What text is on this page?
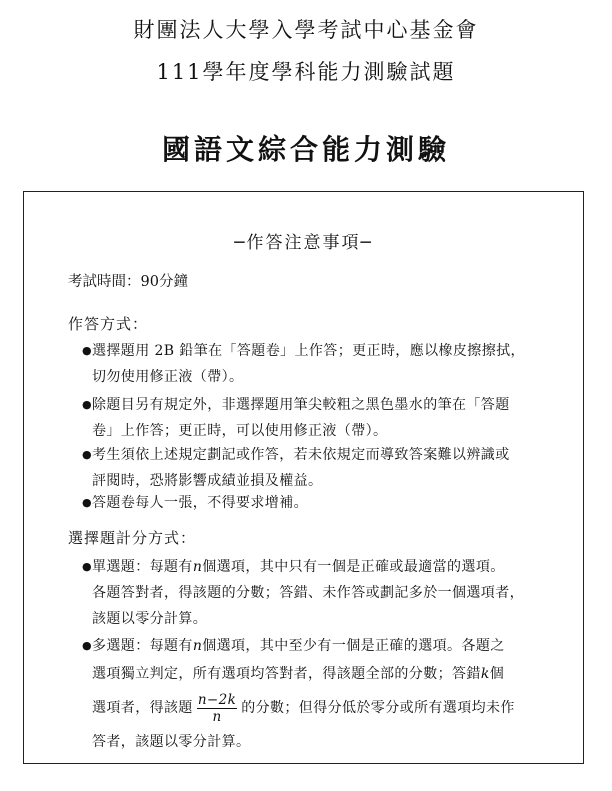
財團法人大學入學考試中心基金會
111學年度學科能力測驗試題
國語文綜合能力測驗
─作答注意事項─
考試時間：90分鐘
作答方式：
● 選擇題用 2B 鉛筆在「答題卷」上作答；更正時，應以橡皮擦擦拭，
切勿使用修正液（帶）。
● 除題目另有規定外，非選擇題用筆尖較粗之黑色墨水的筆在「答題
卷」上作答；更正時，可以使用修正液（帶）。
● 考生須依上述規定劃記或作答，若未依規定而導致答案難以辨識或
評閱時，恐將影響成績並損及權益。
● 答題卷每人一張，不得要求增補。
選擇題計分方式：
● 單選題：每題有n個選項，其中只有一個是正確或最適當的選項。
各題答對者，得該題的分數；答錯、未作答或劃記多於一個選項者，
該題以零分計算。
● 多選題：每題有n個選項，其中至少有一個是正確的選項。各題之
選項獨立判定，所有選項均答對者，得該題全部的分數；答錯k個
選項者，得該題 $\frac{n-2k}{n}$ 的分數；但得分低於零分或所有選項均未作
答者，該題以零分計算。
